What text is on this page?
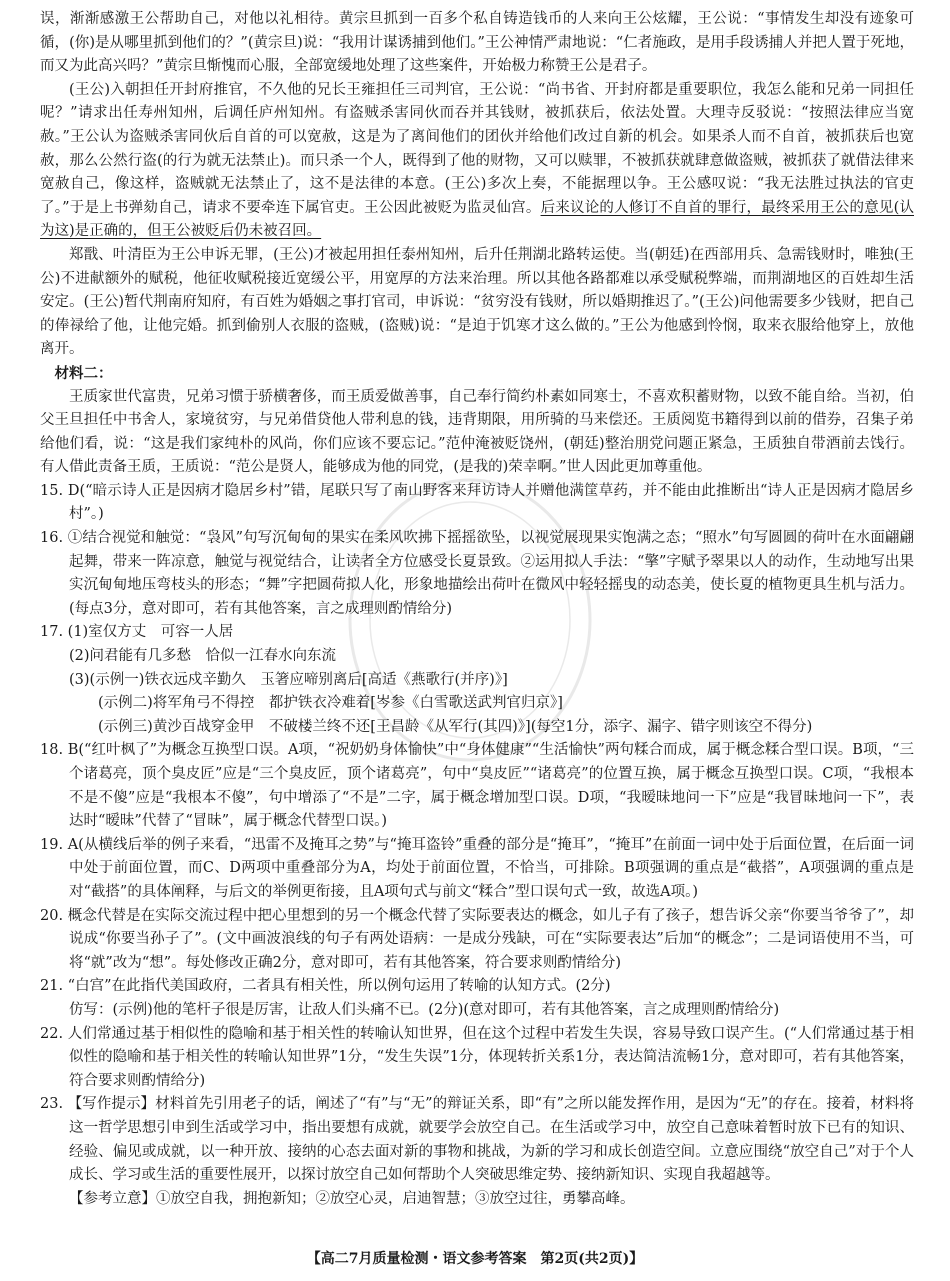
误，渐渐感激王公帮助自己，对他以礼相待。黄宗旦抓到一百多个私自铸造钱币的人来向王公炫耀，王公说：“事情发生却没有迹象可循，(你)是从哪里抓到他们的？”(黄宗旦)说：“我用计谋诱捕到他们。”王公神情严肃地说：“仁者施政，是用手段诱捕人并把人置于死地，而又为此高兴吗？”黄宗旦惭愧而心服，全部宽缓地处理了这些案件，开始极力称赞王公是君子。

(王公)入朝担任开封府推官，不久他的兄长王雍担任三司判官，王公说：“尚书省、开封府都是重要职位，我怎么能和兄弟一同担任呢？”请求出任寿州知州，后调任庐州知州。有盗贼杀害同伙而吞并其钱财，被抓获后，依法处置。大理寺反驳说：“按照法律应当宽赦。”王公认为盗贼杀害同伙后自首的可以宽赦，这是为了离间他们的团伙并给他们改过自新的机会。如果杀人而不自首，被抓获后也宽赦，那么公然行盗(的行为就无法禁止)。而只杀一个人，既得到了他的财物，又可以赎罪，不被抓获就肆意做盗贼，被抓获了就借法律来宽赦自己，像这样，盗贼就无法禁止了，这不是法律的本意。(王公)多次上奏，不能据理以争。王公感叹说：“我无法胜过执法的官吏了。”于是上书弹劾自己，请求不要牵连下属官吏。王公因此被贬为监灵仙宫。后来议论的人修订不自首的罪行，最终采用王公的意见(认为这)是正确的，但王公被贬后仍未被召回。

郑戬、叶清臣为王公申诉无罪，(王公)才被起用担任泰州知州，后升任荆湖北路转运使。当(朝廷)在西部用兵、急需钱财时，唯独(王公)不进献额外的赋税，他征收赋税接近宽缓公平，用宽厚的方法来治理。所以其他各路都难以承受赋税弊端，而荆湖地区的百姓却生活安定。(王公)暂代荆南府知府，有百姓为婚姻之事打官司，申诉说：“贫穷没有钱财，所以婚期推迟了。”(王公)问他需要多少钱财，把自己的俸禄给了他，让他完婚。抓到偷别人衣服的盗贼，(盗贼)说：“是迫于饥寒才这么做的。”王公为他感到怜悯，取来衣服给他穿上，放他离开。

材料二：

王质家世代富贵，兄弟习惯于骄横奢侈，而王质爱做善事，自己奉行简约朴素如同寒士，不喜欢积蓄财物，以致不能自给。当初，伯父王旦担任中书舍人，家境贫穷，与兄弟借贷他人带利息的钱，违背期限，用所骑的马来偿还。王质阅览书籍得到以前的借券，召集子弟给他们看，说：“这是我们家纯朴的风尚，你们应该不要忘记。”范仲淹被贬饶州，(朝廷)整治朋党问题正紧急，王质独自带酒前去饯行。有人借此责备王质，王质说：“范公是贤人，能够成为他的同党，(是我的)荣幸啊。”世人因此更加尊重他。

15. D(“暗示诗人正是因病才隐居乡村”错，尾联只写了南山野客来拜访诗人并赠他满筐草药，并不能由此推断出“诗人正是因病才隐居乡村”。)

16. ①结合视觉和触觉：“袅风”句写沉甸甸的果实在柔风吹拂下摇摇欲坠，以视觉展现果实饱满之态；“照水”句写圆圆的荷叶在水面翩翩起舞，带来一阵凉意，触觉与视觉结合，让读者全方位感受长夏景致。②运用拟人手法：“擎”字赋予翠果以人的动作，生动地写出果实沉甸甸地压弯枝头的形态；“舞”字把圆荷拟人化，形象地描绘出荷叶在微风中轻轻摇曳的动态美，使长夏的植物更具生机与活力。(每点3分，意对即可，若有其他答案，言之成理则酌情给分)

17. (1)室仅方丈　可容一人居

(2)问君能有几多愁　恰似一江春水向东流

(3)(示例一)铁衣远戍辛勤久　玉箸应啼别离后[高适《燕歌行(并序)》]

(示例二)将军角弓不得控　都护铁衣冷难着[岑参《白雪歌送武判官归京》]

(示例三)黄沙百战穿金甲　不破楼兰终不还[王昌龄《从军行(其四)》](每空1分，添字、漏字、错字则该空不得分)

18. B(“红叶枫了”为概念互换型口误。A项，“祝奶奶身体愉快”中“身体健康”“生活愉快”两句糅合而成，属于概念糅合型口误。B项，“三个诸葛亮，顶个臭皮匠”应是“三个臭皮匠，顶个诸葛亮”，句中“臭皮匠”“诸葛亮”的位置互换，属于概念互换型口误。C项，“我根本不是不傻”应是“我根本不傻”，句中增添了“不是”二字，属于概念增加型口误。D项，“我暧昧地问一下”应是“我冒昧地问一下”，表达时“暧昧”代替了“冒昧”，属于概念代替型口误。)

19. A(从横线后举的例子来看，“迅雷不及掩耳之势”与“掩耳盗铃”重叠的部分是“掩耳”，“掩耳”在前面一词中处于后面位置，在后面一词中处于前面位置，而C、D两项中重叠部分为A，均处于前面位置，不恰当，可排除。B项强调的重点是“截搭”，A项强调的重点是对“截搭”的具体阐释，与后文的举例更衔接，且A项句式与前文“糅合”型口误句式一致，故选A项。)

20. 概念代替是在实际交流过程中把心里想到的另一个概念代替了实际要表达的概念，如儿子有了孩子，想告诉父亲“你要当爷爷了”，却说成“你要当孙子了”。(文中画波浪线的句子有两处语病：一是成分残缺，可在“实际要表达”后加“的概念”；二是词语使用不当，可将“就”改为“想”。每处修改正确2分，意对即可，若有其他答案，符合要求则酌情给分)

21. “白宫”在此指代美国政府，二者具有相关性，所以例句运用了转喻的认知方式。(2分)

仿写：(示例)他的笔杆子很是厉害，让敌人们头痛不已。(2分)(意对即可，若有其他答案，言之成理则酌情给分)

22. 人们常通过基于相似性的隐喻和基于相关性的转喻认知世界，但在这个过程中若发生失误，容易导致口误产生。(“人们常通过基于相似性的隐喻和基于相关性的转喻认知世界”1分，“发生失误”1分，体现转折关系1分，表达简洁流畅1分，意对即可，若有其他答案，符合要求则酌情给分)

23. 【写作提示】材料首先引用老子的话，阐述了“有”与“无”的辩证关系，即“有”之所以能发挥作用，是因为“无”的存在。接着，材料将这一哲学思想引申到生活或学习中，指出要想有成就，就要学会放空自己。在生活或学习中，放空自己意味着暂时放下已有的知识、经验、偏见或成就，以一种开放、接纳的心态去面对新的事物和挑战，为新的学习和成长创造空间。立意应围绕“放空自己”对于个人成长、学习或生活的重要性展开，以探讨放空自己如何帮助个人突破思维定势、接纳新知识、实现自我超越等。

【参考立意】①放空自我，拥抱新知；②放空心灵，启迪智慧；③放空过往，勇攀高峰。

【高二7月质量检测・语文参考答案　第2页(共2页)】
